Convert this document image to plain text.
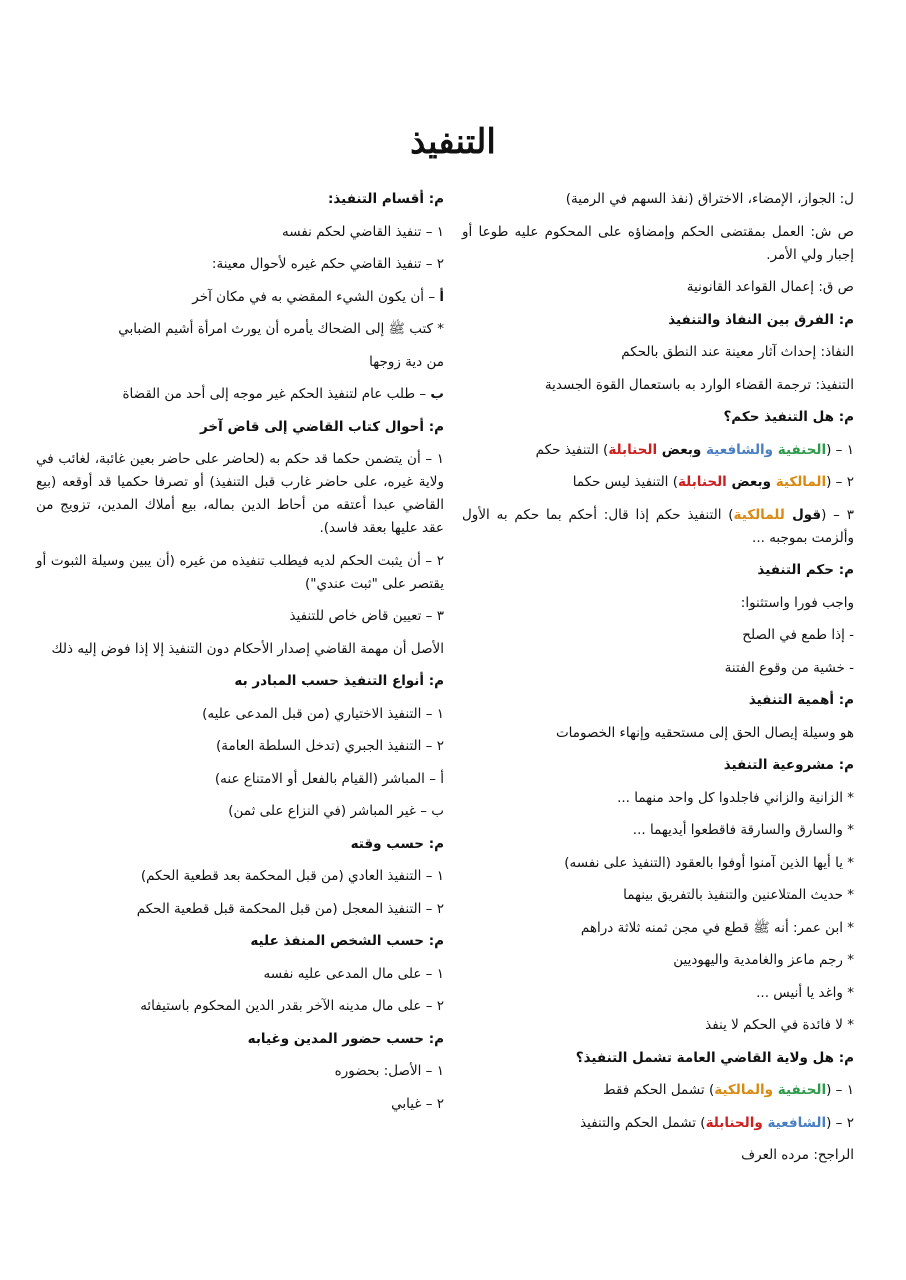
التنفيذ

ل: الجواز، الإمضاء، الاختراق (نفذ السهم في الرمية)

ص ش: العمل بمقتضى الحكم وإمضاؤه على المحكوم عليه طوعا أو إجبار ولي الأمر.

ص ق: إعمال القواعد القانونية

م: الفرق بين النفاذ والتنفيذ

النفاذ: إحداث آثار معينة عند النطق بالحكم

التنفيذ: ترجمة القضاء الوارد به باستعمال القوة الجسدية

م: هل التنفيذ حكم؟

١ – (الحنفية والشافعية وبعض الحنابلة) التنفيذ حكم

٢ – (المالكية وبعض الحنابلة) التنفيذ ليس حكما

٣ – (قول للمالكية) التنفيذ حكم إذا قال: أحكم بما حكم به الأول وألزمت بموجبه ...

م: حكم التنفيذ

واجب فورا واستثنوا:

- إذا طمع في الصلح

- خشية من وقوع الفتنة

م: أهمية التنفيذ

هو وسيلة إيصال الحق إلى مستحقيه وإنهاء الخصومات

م: مشروعية التنفيذ

* الزانية والزاني فاجلدوا كل واحد منهما ...

* والسارق والسارقة فاقطعوا أيديهما ...

* يا أيها الذين آمنوا أوفوا بالعقود (التنفيذ على نفسه)

* حديث المتلاعنين والتنفيذ بالتفريق بينهما

* ابن عمر: أنه ﷺ قطع في مجن ثمنه ثلاثة دراهم

* رجم ماعز والغامدية واليهوديين

* واغد يا أنيس ...

* لا فائدة في الحكم لا ينفذ

م: هل ولاية القاضي العامة تشمل التنفيذ؟

١ – (الحنفية والمالكية) تشمل الحكم فقط

٢ – (الشافعية والحنابلة) تشمل الحكم والتنفيذ

الراجح: مرده العرف

م: أقسام التنفيذ:

١ – تنفيذ القاضي لحكم نفسه

٢ – تنفيذ القاضي حكم غيره لأحوال معينة:

أ – أن يكون الشيء المقضي به في مكان آخر

* كتب ﷺ إلى الضحاك يأمره أن يورث امرأة أشيم الضبابي

من دية زوجها

ب – طلب عام لتنفيذ الحكم غير موجه إلى أحد من القضاة

م: أحوال كتاب القاضي إلى قاض آخر

١ – أن يتضمن حكما قد حكم به (لحاضر على حاضر بعين غائبة، لغائب في ولاية غيره، على حاضر غارب قبل التنفيذ) أو تصرفا حكميا قد أوقعه (بيع القاضي عبدا أعتقه من أحاط الدين بماله، بيع أملاك المدين، تزويج من عقد عليها بعقد فاسد).

٢ – أن يثبت الحكم لديه فيطلب تنفيذه من غيره (أن يبين وسيلة الثبوت أو يقتصر على "ثبت عندي")

٣ – تعيين قاض خاص للتنفيذ

الأصل أن مهمة القاضي إصدار الأحكام دون التنفيذ إلا إذا فوض إليه ذلك

م: أنواع التنفيذ حسب المبادر به

١ – التنفيذ الاختياري (من قبل المدعى عليه)

٢ – التنفيذ الجبري (تدخل السلطة العامة)

أ – المباشر (القيام بالفعل أو الامتناع عنه)

ب – غير المباشر (في النزاع على ثمن)

م: حسب وقته

١ – التنفيذ العادي (من قبل المحكمة بعد قطعية الحكم)

٢ – التنفيذ المعجل (من قبل المحكمة قبل قطعية الحكم

م: حسب الشخص المنفذ عليه

١ – على مال المدعى عليه نفسه

٢ – على مال مدينه الآخر بقدر الدين المحكوم باستيفائه

م: حسب حضور المدين وغيابه

١ – الأصل: بحضوره

٢ – غيابي
